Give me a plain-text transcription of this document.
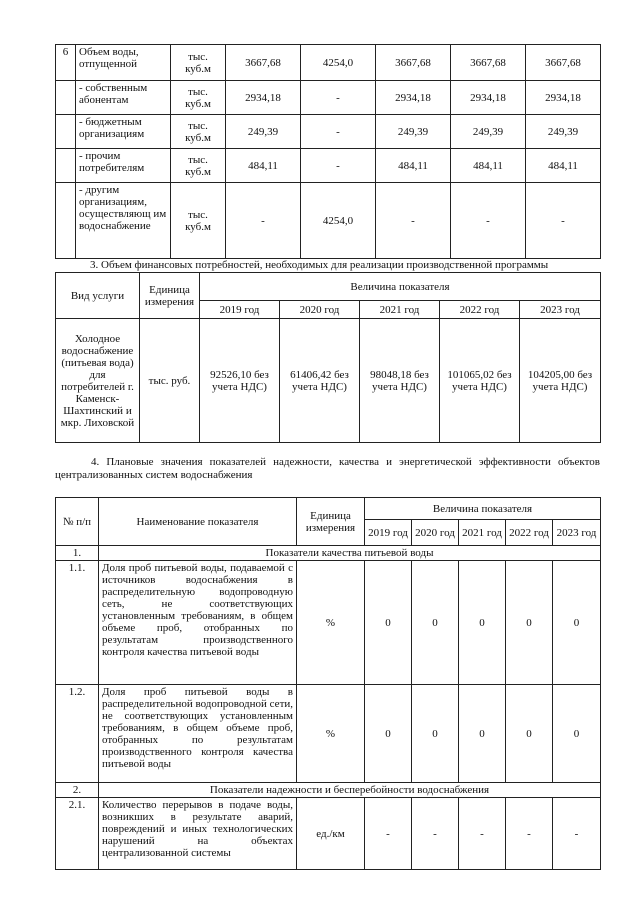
6	Объем воды, отпущенной	тыс. куб.м	3667,68	4254,0	3667,68	3667,68	3667,68
	- собственным абонентам	тыс. куб.м	2934,18	-	2934,18	2934,18	2934,18
	- бюджетным организациям	тыс. куб.м	249,39	-	249,39	249,39	249,39
	- прочим потребителям	тыс. куб.м	484,11	-	484,11	484,11	484,11
	- другим организациям, осуществляющ им водоснабжение	тыс. куб.м	-	4254,0	-	-	-
3. Объем финансовых потребностей, необходимых для реализации производственной программы
Вид услуги	Единица измерения	Величина показателя				
		2019 год	2020 год	2021 год	2022 год	2023 год
Холодное водоснабжение (питьевая вода) для потребителей г. Каменск-Шахтинский и мкр. Лиховской	тыс. руб.	92526,10 без учета НДС)	61406,42 без учета НДС)	98048,18 без учета НДС)	101065,02 без учета НДС)	104205,00 без учета НДС)
4. Плановые значения показателей надежности, качества и энергетической эффективности объектов централизованных систем водоснабжения
№ п/п	Наименование показателя	Единица измерения	Величина показателя				
			2019 год	2020 год	2021 год	2022 год	2023 год
1.	Показатели качества питьевой воды						
1.1.	Доля проб питьевой воды, подаваемой с источников водоснабжения в распределительную водопроводную сеть, не соответствующих установленным требованиям, в общем объеме проб, отобранных по результатам производственного контроля качества питьевой воды	%	0	0	0	0	0
1.2.	Доля проб питьевой воды в распределительной водопроводной сети, не соответствующих установленным требованиям, в общем объеме проб, отобранных по результатам производственного контроля качества питьевой воды	%	0	0	0	0	0
2.	Показатели надежности и бесперебойности водоснабжения						
2.1.	Количество перерывов в подаче воды, возникших в результате аварий, повреждений и иных технологических нарушений на объектах централизованной системы	ед./км	-	-	-	-	-
